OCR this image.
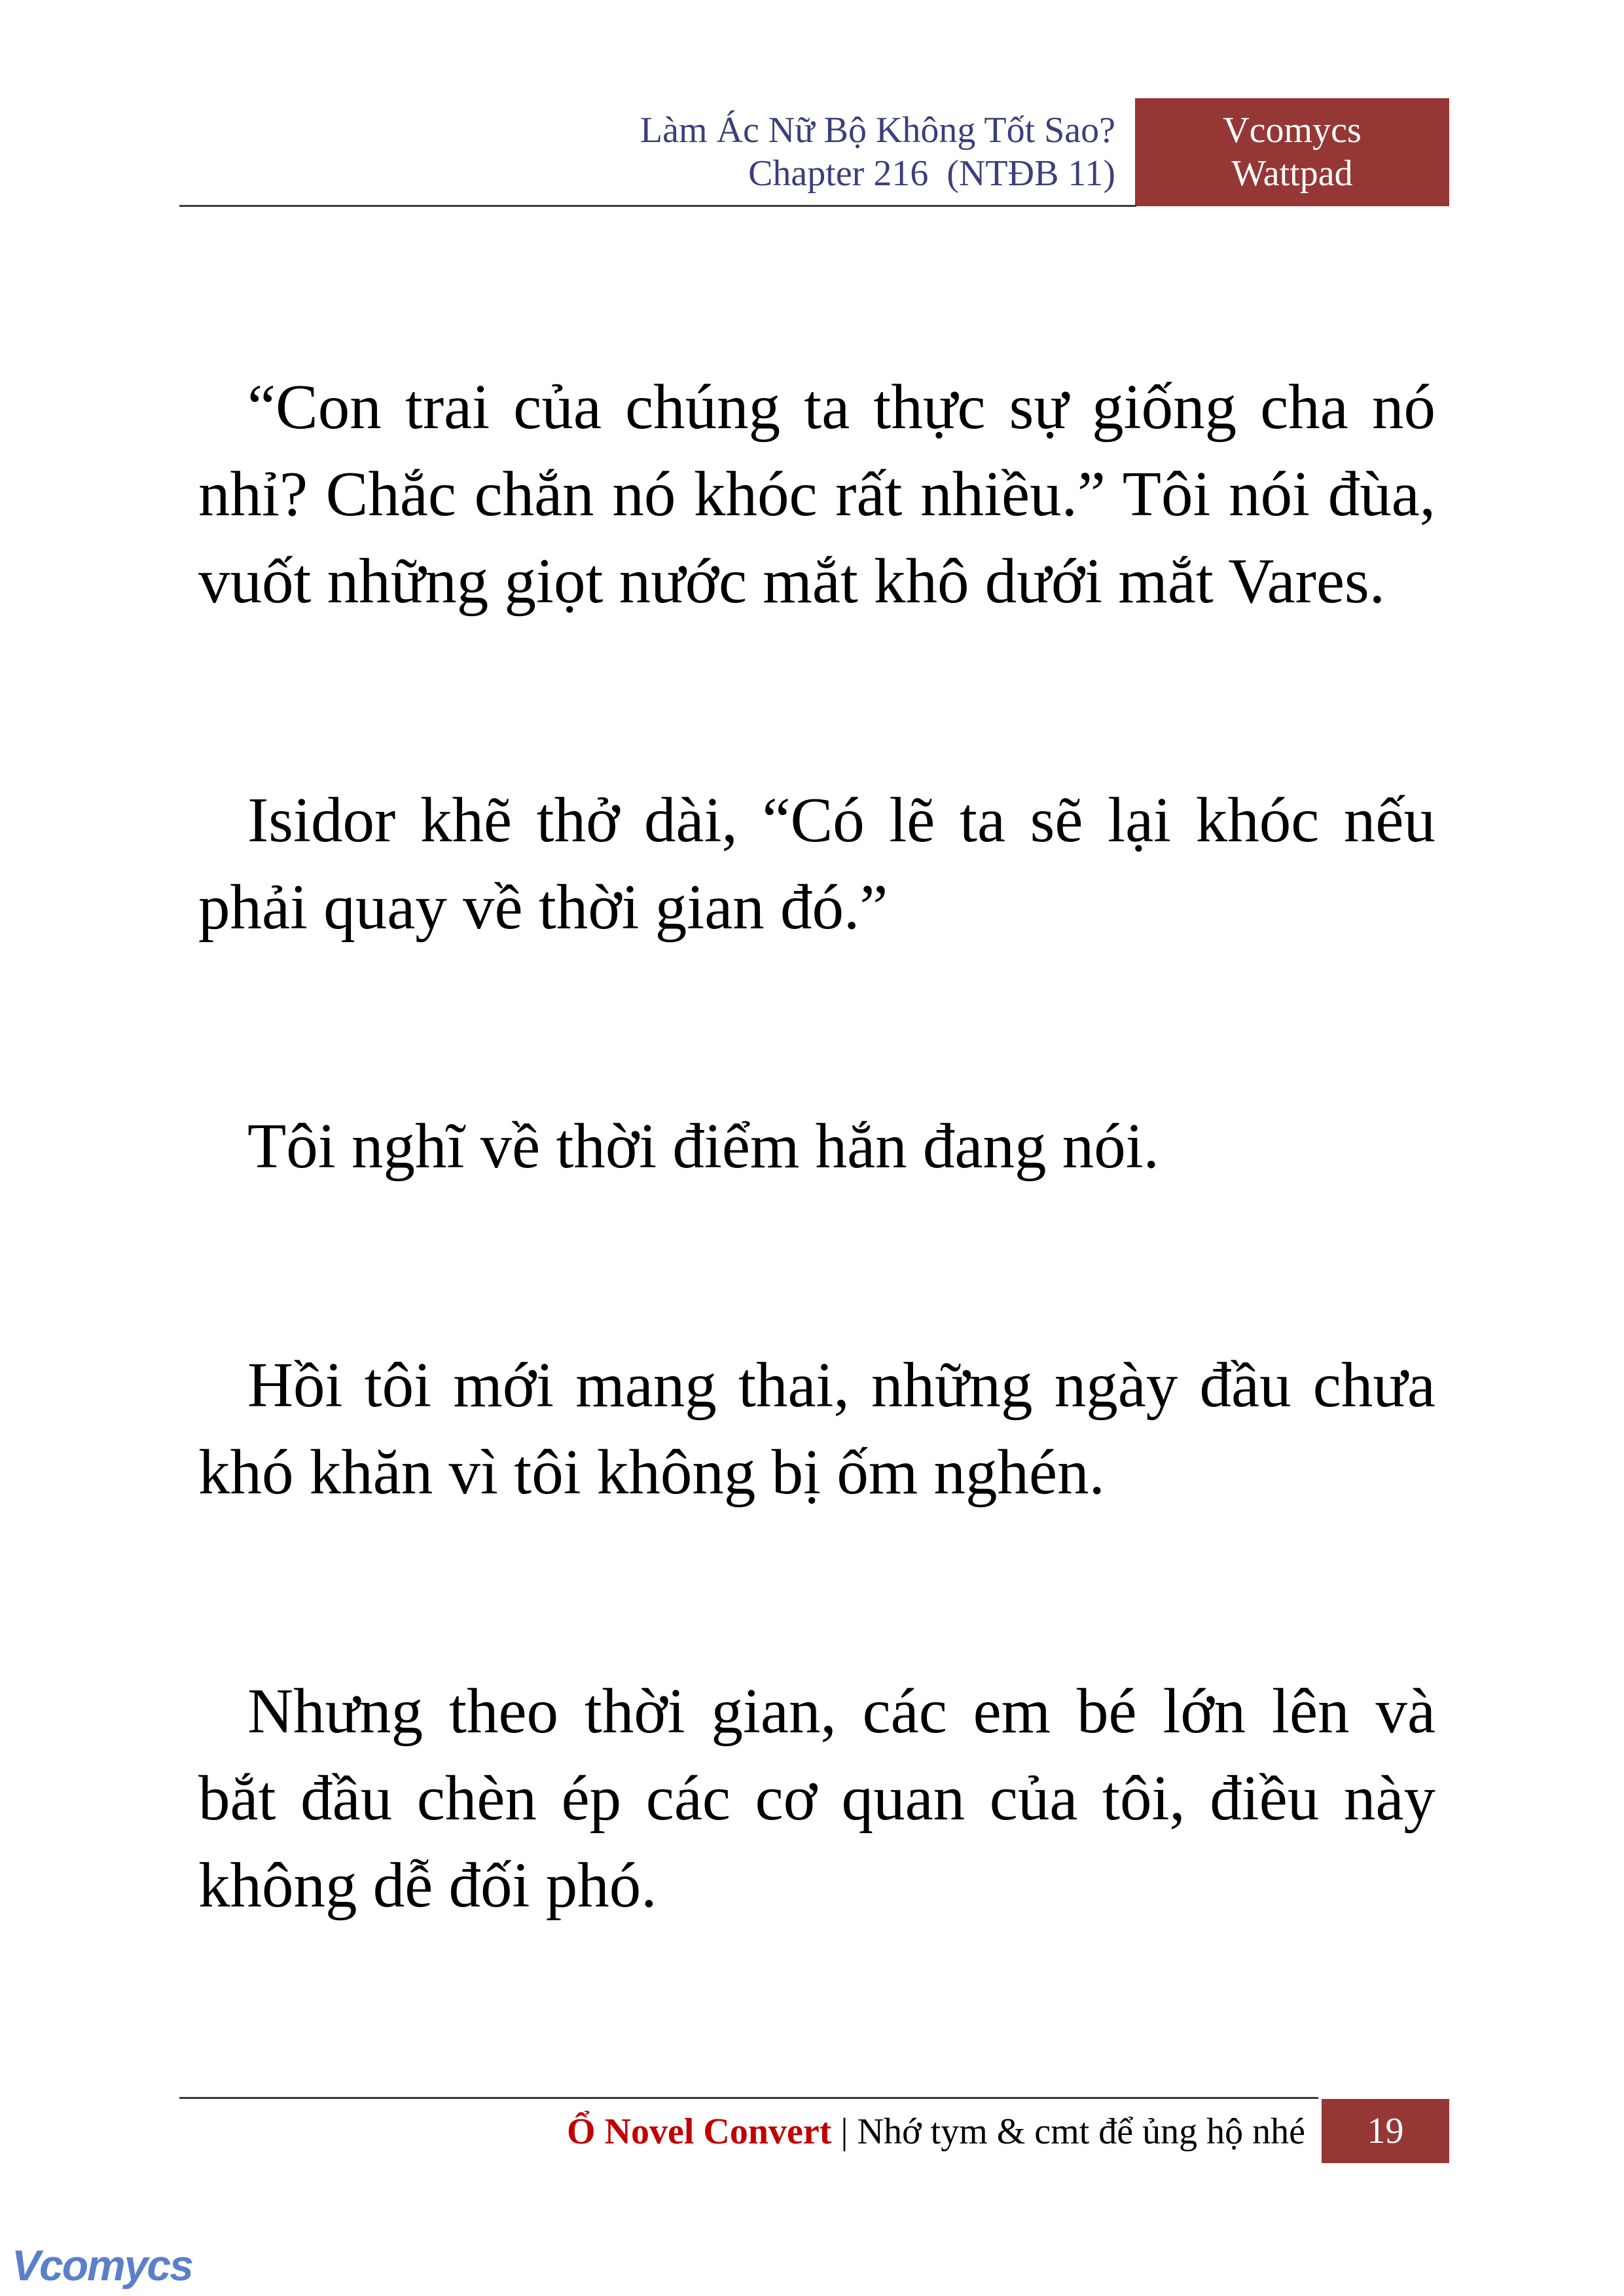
Làm Ác Nữ Bộ Không Tốt Sao?
Chapter 216  (NTĐB 11)
Vcomycs
Wattpad

“Con trai của chúng ta thực sự giống cha nó nhỉ? Chắc chắn nó khóc rất nhiều.” Tôi nói đùa, vuốt những giọt nước mắt khô dưới mắt Vares.

Isidor khẽ thở dài, “Có lẽ ta sẽ lại khóc nếu phải quay về thời gian đó.”

Tôi nghĩ về thời điểm hắn đang nói.

Hồi tôi mới mang thai, những ngày đầu chưa khó khăn vì tôi không bị ốm nghén.

Nhưng theo thời gian, các em bé lớn lên và bắt đầu chèn ép các cơ quan của tôi, điều này không dễ đối phó.

Ổ Novel Convert | Nhớ tym & cmt để ủng hộ nhé	19
Vcomycs
